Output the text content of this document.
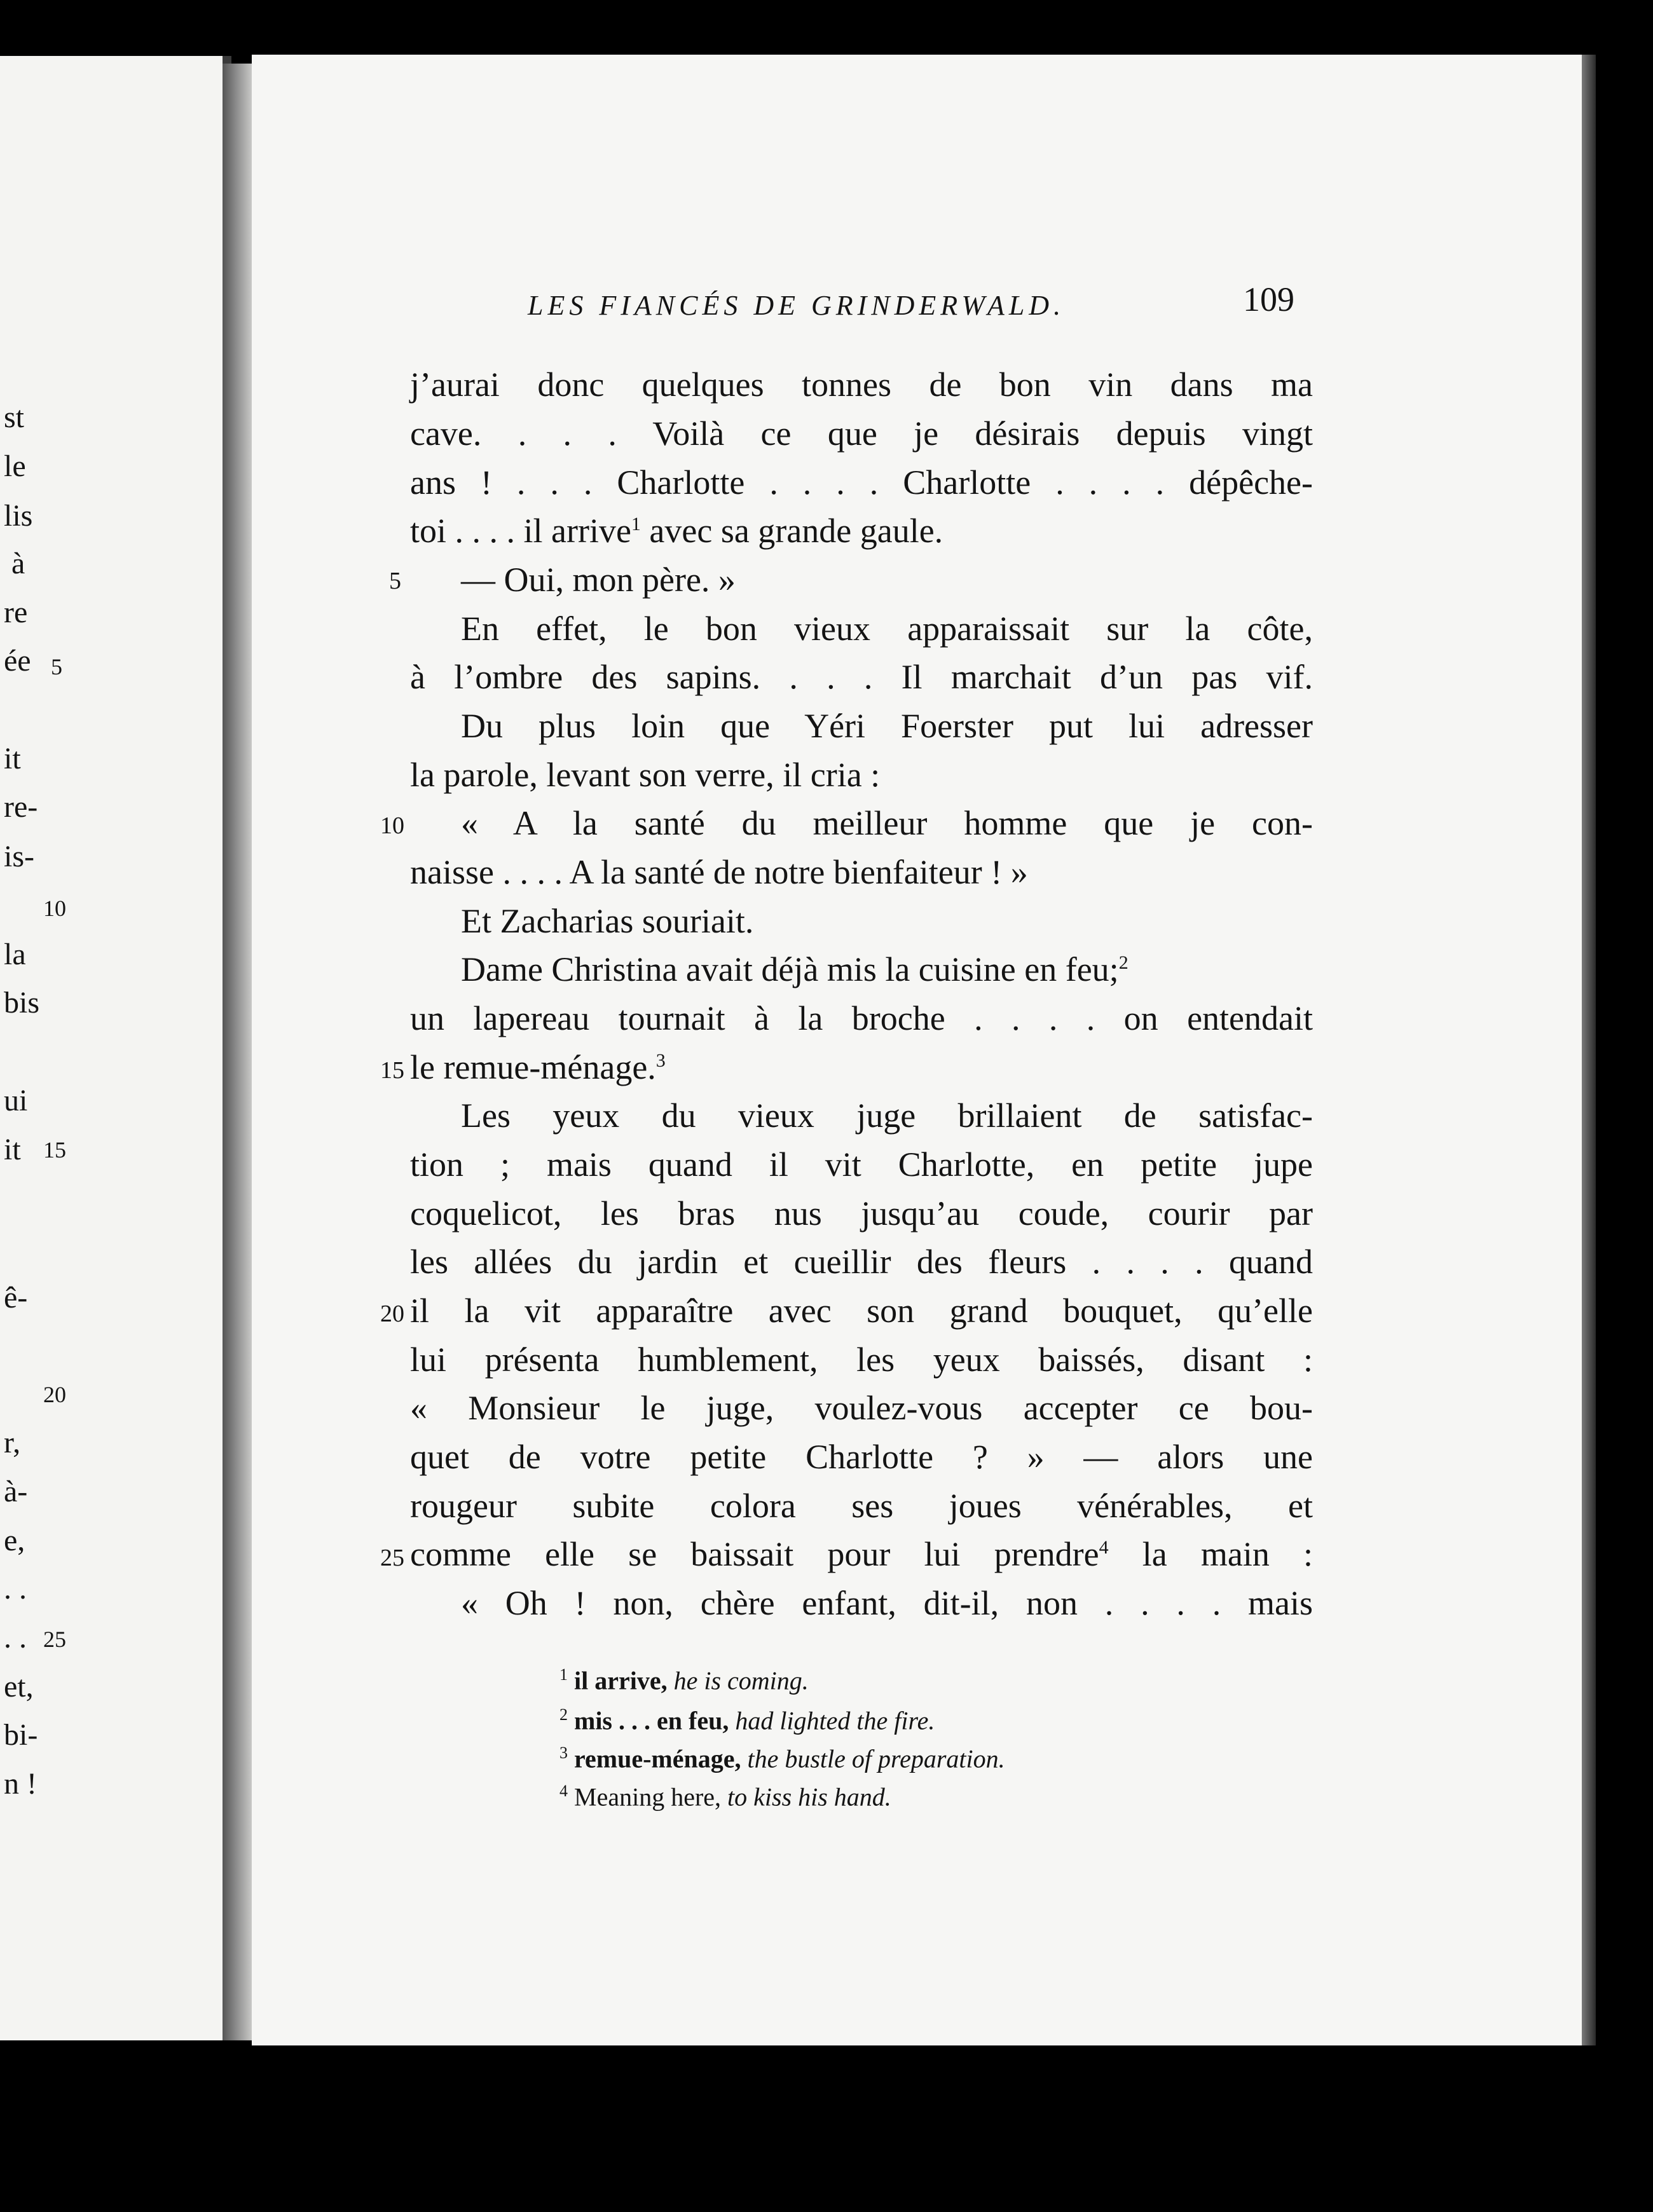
st
le
lis
à
re
ée
it
re-
is-
la
bis
ui
it
ê-
r,
à-
e,
. .
. .
et,
bi-
n !
5
10
15
20
25
LES FIANCÉS DE GRINDERWALD.	109
j’aurai donc quelques tonnes de bon vin dans ma
cave. . . . Voilà ce que je désirais depuis vingt
ans ! . . . Charlotte . . . . Charlotte . . . . dépêche-
toi . . . . il arrive$^1$ avec sa grande gaule.
— Oui, mon père. »
En effet, le bon vieux apparaissait sur la côte,
à l’ombre des sapins. . . . Il marchait d’un pas vif.
Du plus loin que Yéri Foerster put lui adresser
la parole, levant son verre, il cria :
« A la santé du meilleur homme que je con-
naisse . . . . A la santé de notre bienfaiteur ! »
Et Zacharias souriait.
Dame Christina avait déjà mis la cuisine en feu;$^2$
un lapereau tournait à la broche . . . . on entendait
le remue-ménage.$^3$
Les yeux du vieux juge brillaient de satisfac-
tion ; mais quand il vit Charlotte, en petite jupe
coquelicot, les bras nus jusqu’au coude, courir par
les allées du jardin et cueillir des fleurs . . . . quand
il la vit apparaître avec son grand bouquet, qu’elle
lui présenta humblement, les yeux baissés, disant :
« Monsieur le juge, voulez-vous accepter ce bou-
quet de votre petite Charlotte ? » — alors une
rougeur subite colora ses joues vénérables, et
comme elle se baissait pour lui prendre$^4$ la main :
« Oh ! non, chère enfant, dit-il, non . . . . mais
5
10
15
20
25
$^1$ il arrive, he is coming.
$^2$ mis . . . en feu, had lighted the fire.
$^3$ remue-ménage, the bustle of preparation.
$^4$ Meaning here, to kiss his hand.
